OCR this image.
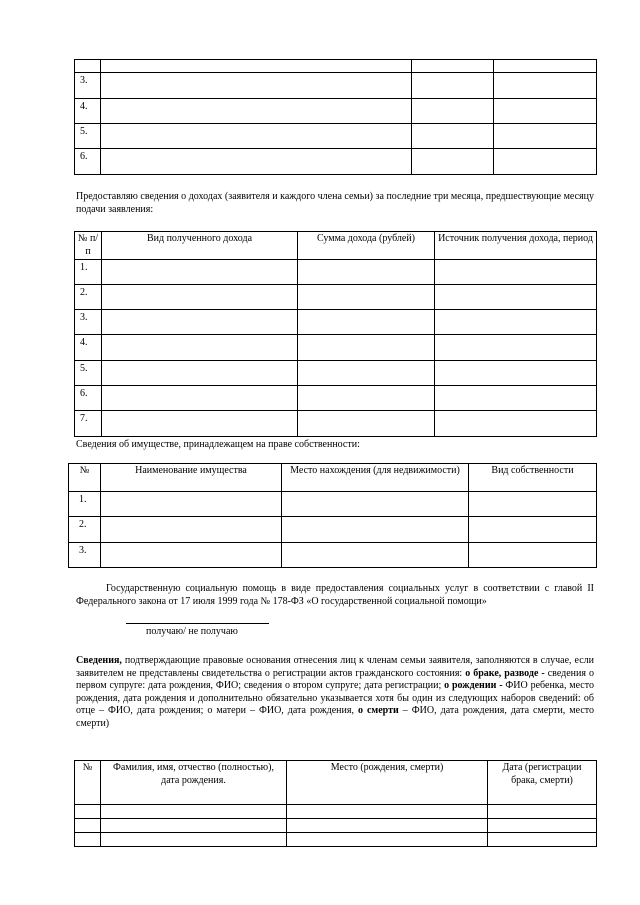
3.			
4.			
5.			
6.			

Предоставляю сведения о доходах (заявителя и каждого члена семьи) за последние три месяца, предшествующие месяцу подачи заявления:

№ п/п	Вид полученного дохода	Сумма дохода (рублей)	Источник получения дохода, период
1.			
2.			
3.			
4.			
5.			
6.			
7.			

Сведения об имуществе, принадлежащем на праве собственности:

№	Наименование имущества	Место нахождения (для недвижимости)	Вид собственности
1.			
2.			
3.			

Государственную социальную помощь в виде предоставления социальных услуг в соответствии с главой II Федерального закона от 17 июля 1999 года № 178-ФЗ «О государственной социальной помощи»

получаю/ не получаю

Сведения, подтверждающие правовые основания отнесения лиц к членам семьи заявителя, заполняются в случае, если заявителем не представлены свидетельства о регистрации актов гражданского состояния: о браке, разводе - сведения о первом супруге: дата рождения, ФИО; сведения о втором супруге; дата регистрации; о рождении - ФИО ребенка, место рождения, дата рождения и дополнительно обязательно указывается хотя бы один из следующих наборов сведений: об отце – ФИО, дата рождения; о матери – ФИО, дата рождения, о смерти – ФИО, дата рождения, дата смерти, место смерти)

№	Фамилия, имя, отчество (полностью), дата рождения.	Место (рождения, смерти)	Дата (регистрации брака, смерти)
